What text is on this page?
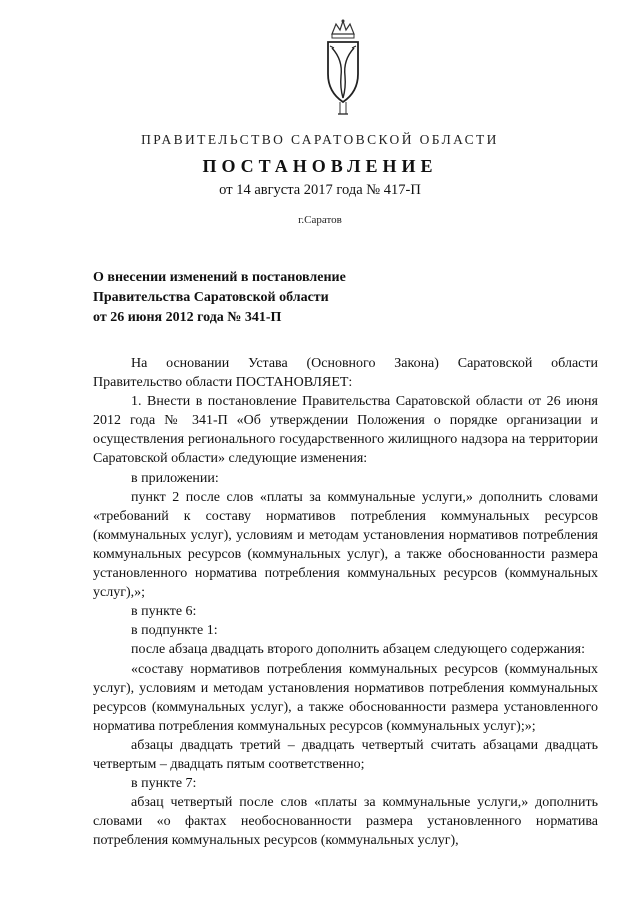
ПРАВИТЕЛЬСТВО САРАТОВСКОЙ ОБЛАСТИ
ПОСТАНОВЛЕНИЕ
от 14 августа 2017 года № 417-П
г.Саратов
О внесении изменений в постановление
Правительства Саратовской области
от 26 июня 2012 года № 341-П

На основании Устава (Основного Закона) Саратовской области Правительство области ПОСТАНОВЛЯЕТ:

1. Внести в постановление Правительства Саратовской области от 26 июня 2012 года № 341-П «Об утверждении Положения о порядке организации и осуществления регионального государственного жилищного надзора на территории Саратовской области» следующие изменения:

в приложении:

пункт 2 после слов «платы за коммунальные услуги,» дополнить словами «требований к составу нормативов потребления коммунальных ресурсов (коммунальных услуг), условиям и методам установления нормативов потребления коммунальных ресурсов (коммунальных услуг), а также обоснованности размера установленного норматива потребления коммунальных ресурсов (коммунальных услуг),»;

в пункте 6:

в подпункте 1:

после абзаца двадцать второго дополнить абзацем следующего содержания:

«составу нормативов потребления коммунальных ресурсов (коммунальных услуг), условиям и методам установления нормативов потребления коммунальных ресурсов (коммунальных услуг), а также обоснованности размера установленного норматива потребления коммунальных ресурсов (коммунальных услуг);»;

абзацы двадцать третий – двадцать четвертый считать абзацами двадцать четвертым – двадцать пятым соответственно;

в пункте 7:

абзац четвертый после слов «платы за коммунальные услуги,» дополнить словами «о фактах необоснованности размера установленного норматива потребления коммунальных ресурсов (коммунальных услуг),
